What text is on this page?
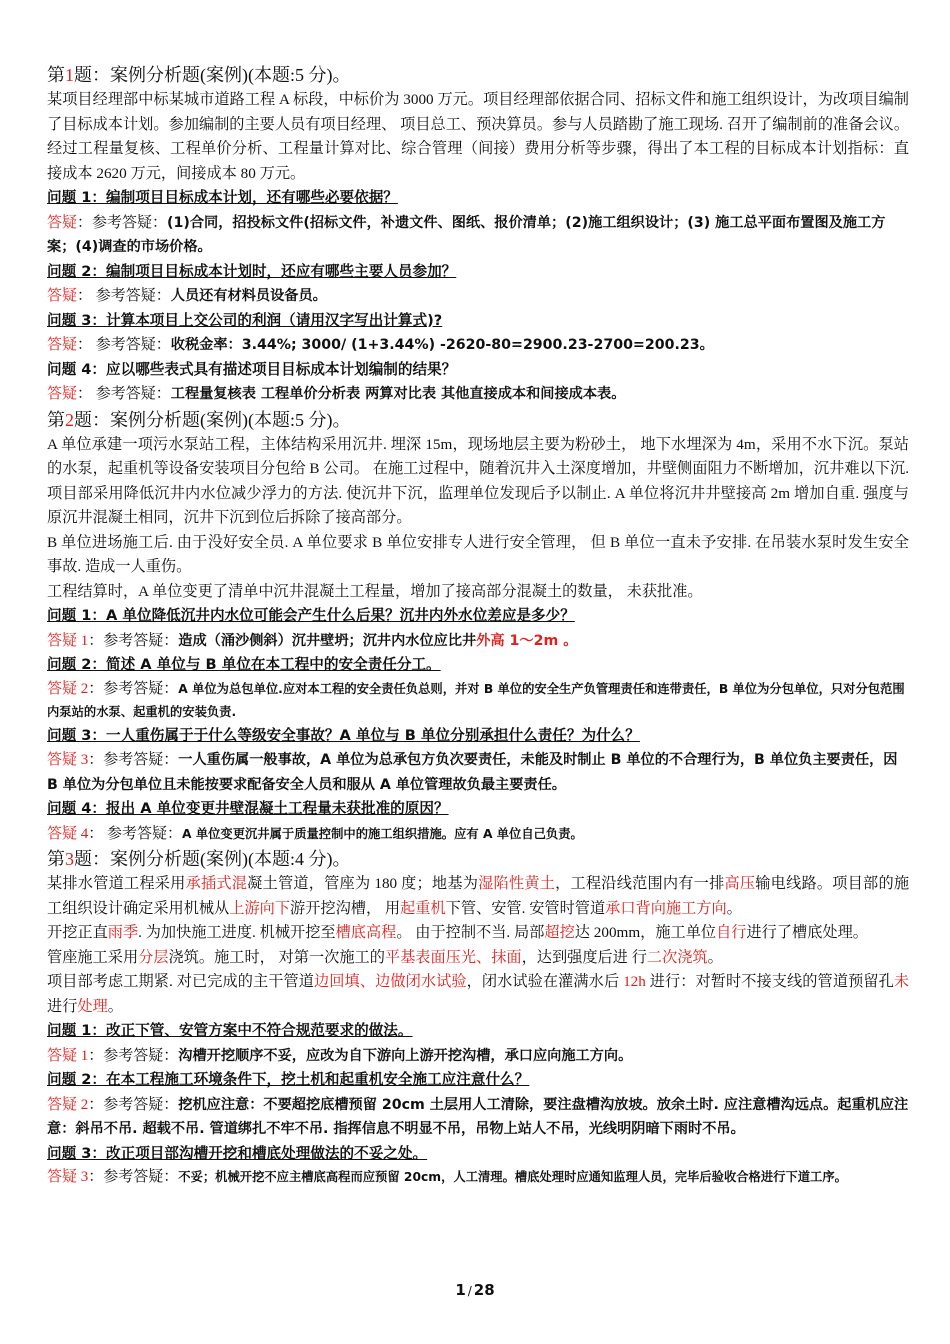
第1题：案例分析题(案例)(本题:5 分)。

某项目经理部中标某城市道路工程 A 标段，中标价为 3000 万元。项目经理部依据合同、招标文件和施工组织设计，为改项目编制了目标成本计划。参加编制的主要人员有项目经理、 项目总工、预决算员。参与人员踏勘了施工现场. 召开了编制前的准备会议。经过工程量复核、工程单价分析、工程量计算对比、综合管理（间接）费用分析等步骤，得出了本工程的目标成本计划指标：直接成本 2620 万元，间接成本 80 万元。

问题 1：编制项目目标成本计划，还有哪些必要依据？

答疑：参考答疑：(1)合同，招投标文件(招标文件，补遗文件、图纸、报价清单；(2)施工组织设计；(3) 施工总平面布置图及施工方案；(4)调查的市场价格。

问题 2：编制项目目标成本计划时，还应有哪些主要人员参加？

答疑： 参考答疑：人员还有材料员设备员。

问题 3：计算本项目上交公司的利润（请用汉字写出计算式)?

答疑： 参考答疑：收税金率：3.44%; 3000/ (1+3.44%) -2620-80=2900.23-2700=200.23。

问题 4：应以哪些表式具有描述项目目标成本计划编制的结果？

答疑： 参考答疑：工程量复核表 工程单价分析表 两算对比表 其他直接成本和间接成本表。

第2题：案例分析题(案例)(本题:5 分)。

A 单位承建一项污水泵站工程，主体结构采用沉井. 埋深 15m，现场地层主要为粉砂土， 地下水埋深为 4m，采用不水下沉。泵站的水泵，起重机等设备安装项目分包给 B 公司。 在施工过程中，随着沉井入土深度增加，井壁侧面阻力不断增加，沉井难以下沉. 项目部采用降低沉井内水位减少浮力的方法. 使沉井下沉，监理单位发现后予以制止. A 单位将沉井井壁接高 2m 增加自重. 强度与原沉井混凝土相同，沉井下沉到位后拆除了接高部分。

B 单位进场施工后. 由于没好安全员. A 单位要求 B 单位安排专人进行安全管理， 但 B 单位一直未予安排. 在吊装水泵时发生安全事故. 造成一人重伤。

工程结算时，A 单位变更了清单中沉井混凝土工程量，增加了接高部分混凝土的数量， 未获批准。

问题 1：A 单位降低沉井内水位可能会产生什么后果？沉井内外水位差应是多少？

答疑 1：参考答疑：造成（涌沙侧斜）沉井壁坍；沉井内水位应比井外高 1～2m 。

问题 2：简述 A 单位与 B 单位在本工程中的安全责任分工。

答疑 2：参考答疑：A 单位为总包单位.应对本工程的安全责任负总则，并对 B 单位的安全生产负管理责任和连带责任，B 单位为分包单位，只对分包范围内泵站的水泵、起重机的安装负责.

问题 3：一人重伤属于于什么等级安全事故？A 单位与 B 单位分别承担什么责任？为什么？

答疑 3：参考答疑：一人重伤属一般事故，A 单位为总承包方负次要责任，未能及时制止 B 单位的不合理行为，B 单位负主要责任，因 B 单位为分包单位且未能按要求配备安全人员和服从 A 单位管理故负最主要责任。

问题 4：报出 A 单位变更井壁混凝土工程量未获批准的原因？

答疑 4： 参考答疑：A 单位变更沉井属于质量控制中的施工组织措施。应有 A 单位自己负责。

第3题：案例分析题(案例)(本题:4 分)。

某排水管道工程采用承插式混凝土管道，管座为 180 度；地基为湿陷性黄土，工程沿线范围内有一排高压输电线路。项目部的施工组织设计确定采用机械从上游向下游开挖沟槽， 用起重机下管、安管. 安管时管道承口背向施工方向。

开挖正直雨季. 为加快施工进度. 机械开挖至槽底高程。 由于控制不当. 局部超挖达 200mm，施工单位自行进行了槽底处理。

管座施工采用分层浇筑。施工时， 对第一次施工的平基表面压光、抹面，达到强度后进 行二次浇筑。

项目部考虑工期紧. 对已完成的主干管道边回填、边做闭水试验，闭水试验在灌满水后 12h 进行：对暂时不接支线的管道预留孔未进行处理。

问题 1：改正下管、安管方案中不符合规范要求的做法。

答疑 1：参考答疑：沟槽开挖顺序不妥，应改为自下游向上游开挖沟槽，承口应向施工方向。

问题 2：在本工程施工环境条件下，挖土机和起重机安全施工应注意什么？

答疑 2：参考答疑：挖机应注意：不要超挖底槽预留 20cm 土层用人工清除，要注盘槽沟放坡。放余土时. 应注意槽沟远点。起重机应注意：斜吊不吊. 超载不吊. 管道绑扎不牢不吊. 指挥信息不明显不吊，吊物上站人不吊，光线明阴暗下雨时不吊。

问题 3：改正项目部沟槽开挖和槽底处理做法的不妥之处。

答疑 3：参考答疑：不妥；机械开挖不应主槽底高程而应预留 20cm，人工清理。槽底处理时应通知监理人员，完毕后验收合格进行下道工序。

1 / 28
